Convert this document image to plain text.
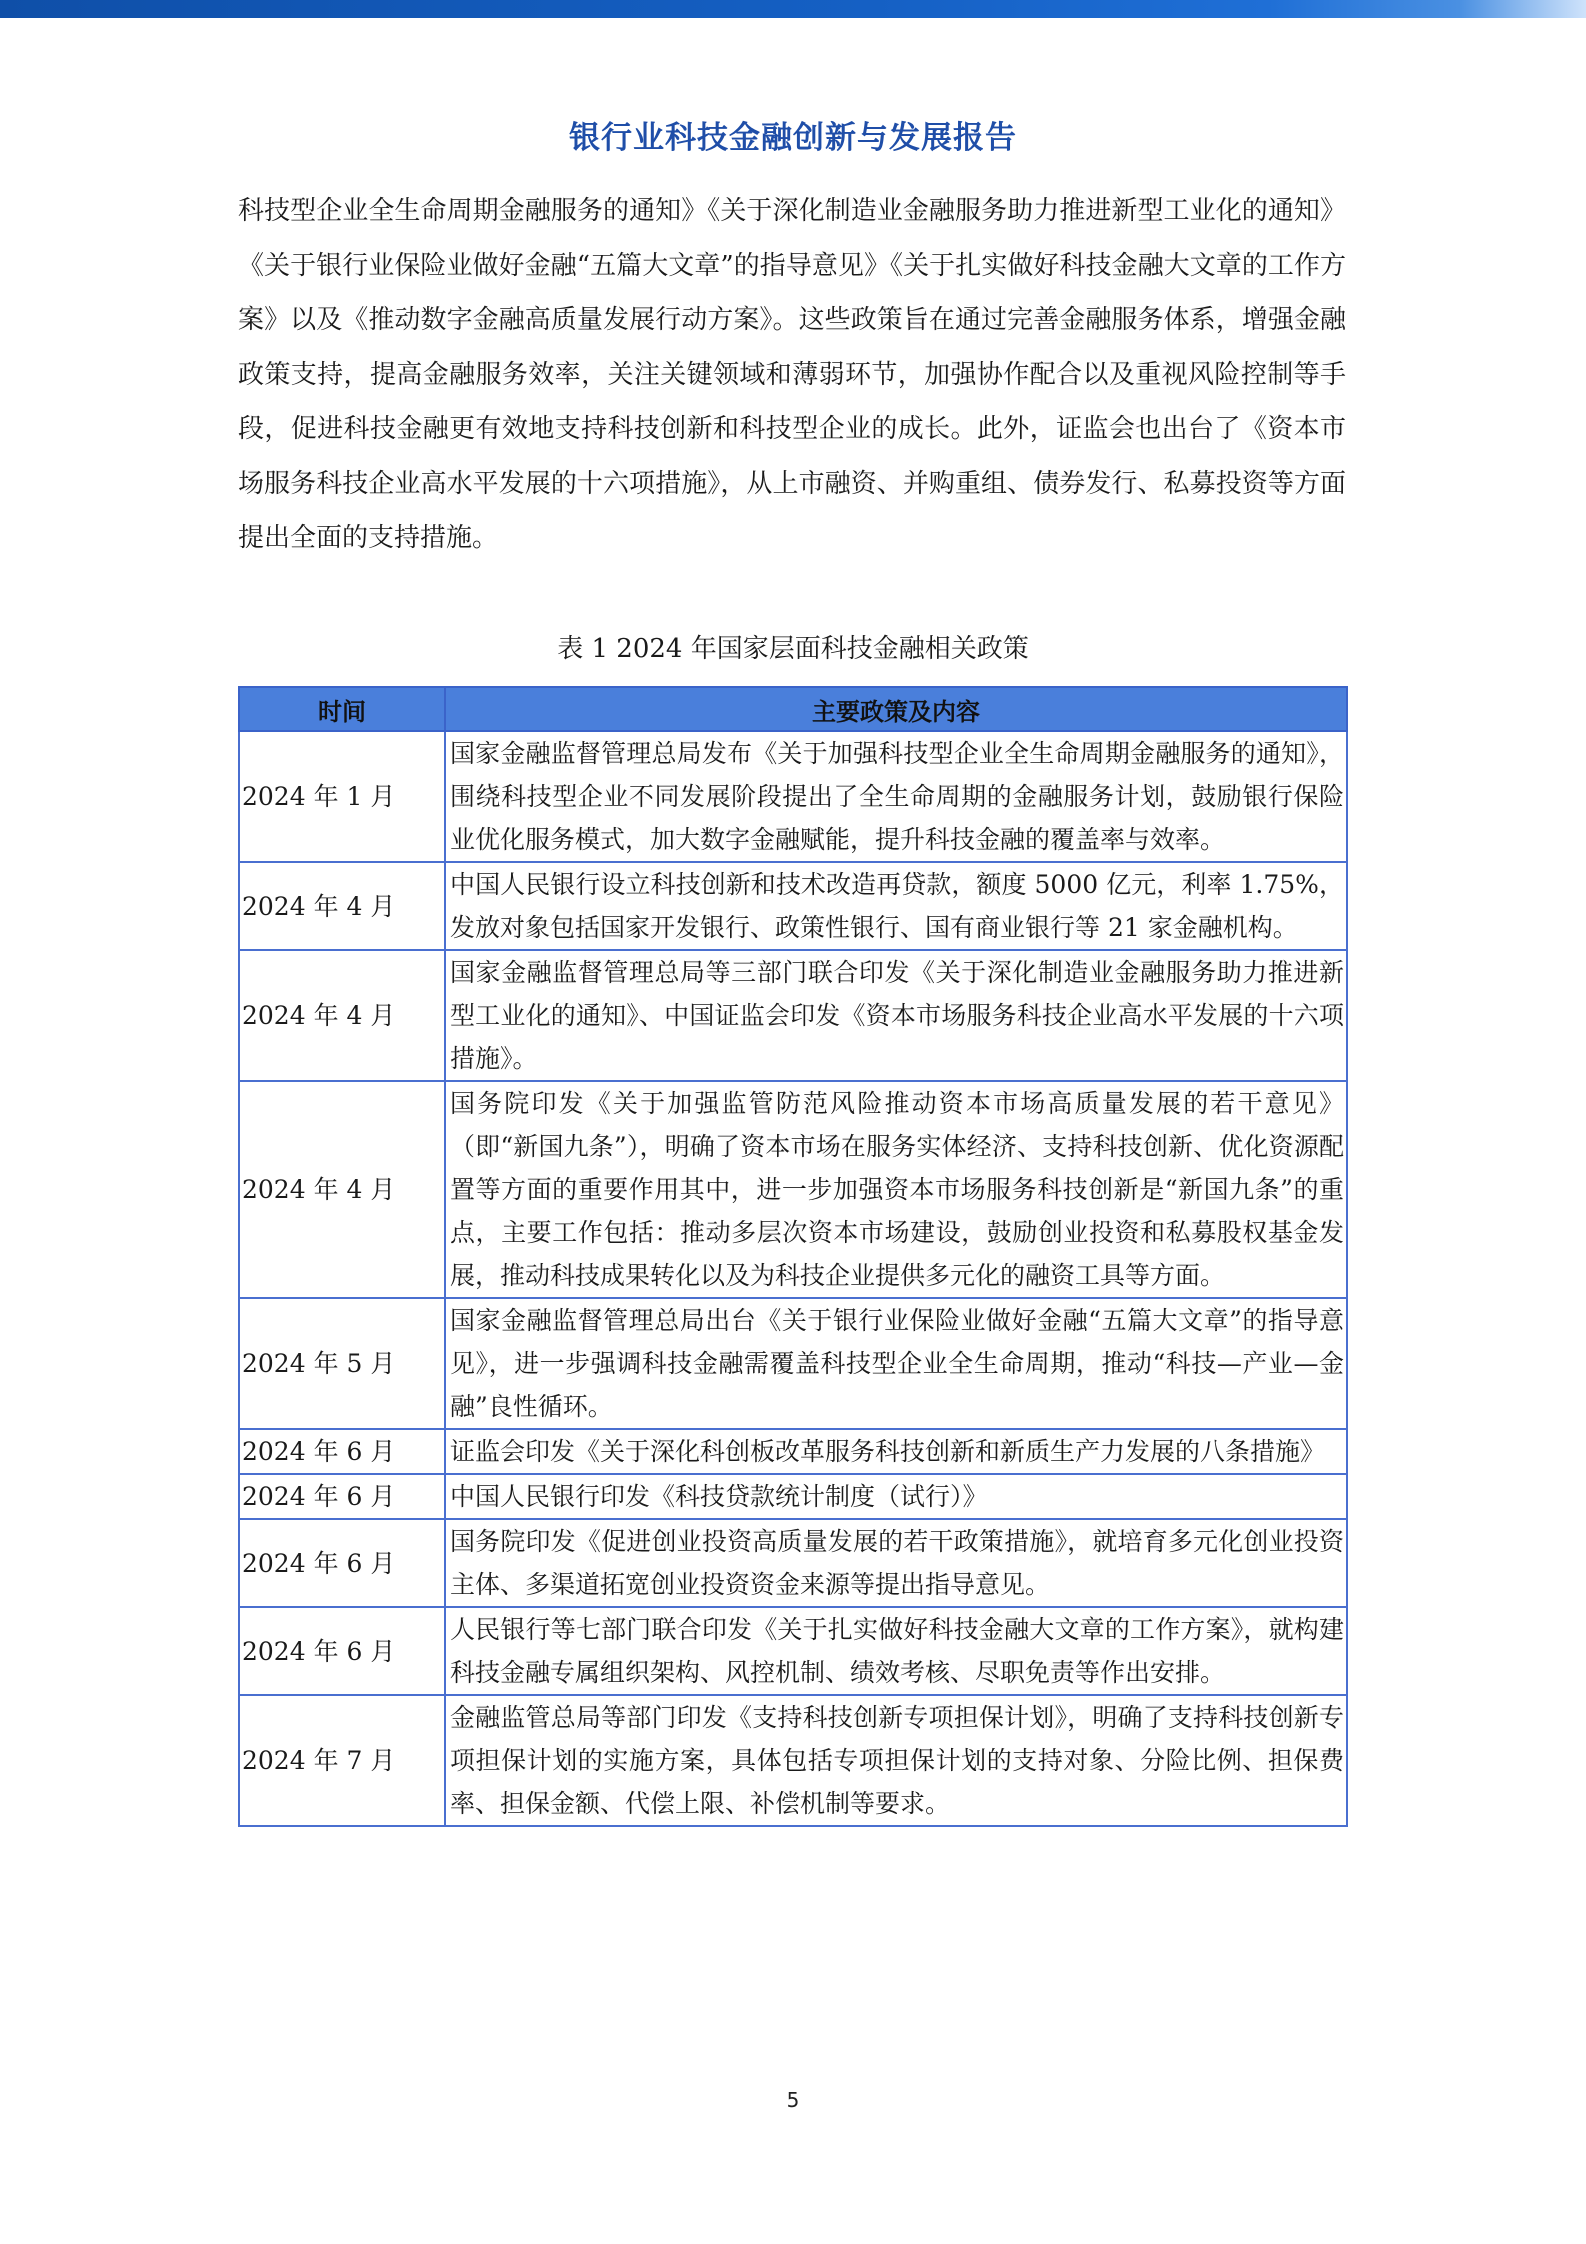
银行业科技金融创新与发展报告

科技型企业全生命周期金融服务的通知》《关于深化制造业金融服务助力推进新型工业化的通知》《关于银行业保险业做好金融“五篇大文章”的指导意见》《关于扎实做好科技金融大文章的工作方案》以及《推动数字金融高质量发展行动方案》。这些政策旨在通过完善金融服务体系，增强金融政策支持，提高金融服务效率，关注关键领域和薄弱环节，加强协作配合以及重视风险控制等手段，促进科技金融更有效地支持科技创新和科技型企业的成长。此外，证监会也出台了《资本市场服务科技企业高水平发展的十六项措施》，从上市融资、并购重组、债券发行、私募投资等方面提出全面的支持措施。

表 1 2024 年国家层面科技金融相关政策
时间	主要政策及内容
2024 年 1 月	国家金融监督管理总局发布《关于加强科技型企业全生命周期金融服务的通知》，围绕科技型企业不同发展阶段提出了全生命周期的金融服务计划，鼓励银行保险业优化服务模式，加大数字金融赋能，提升科技金融的覆盖率与效率。
2024 年 4 月	中国人民银行设立科技创新和技术改造再贷款，额度 5000 亿元，利率 1.75%，发放对象包括国家开发银行、政策性银行、国有商业银行等 21 家金融机构。
2024 年 4 月	国家金融监督管理总局等三部门联合印发《关于深化制造业金融服务助力推进新型工业化的通知》、中国证监会印发《资本市场服务科技企业高水平发展的十六项措施》。
2024 年 4 月	国务院印发《关于加强监管防范风险推动资本市场高质量发展的若干意见》（即“新国九条”），明确了资本市场在服务实体经济、支持科技创新、优化资源配置等方面的重要作用其中，进一步加强资本市场服务科技创新是“新国九条”的重点，主要工作包括：推动多层次资本市场建设，鼓励创业投资和私募股权基金发展，推动科技成果转化以及为科技企业提供多元化的融资工具等方面。
2024 年 5 月	国家金融监督管理总局出台《关于银行业保险业做好金融“五篇大文章”的指导意见》，进一步强调科技金融需覆盖科技型企业全生命周期，推动“科技—产业—金融”良性循环。
2024 年 6 月	证监会印发《关于深化科创板改革服务科技创新和新质生产力发展的八条措施》
2024 年 6 月	中国人民银行印发《科技贷款统计制度（试行）》
2024 年 6 月	国务院印发《促进创业投资高质量发展的若干政策措施》，就培育多元化创业投资主体、多渠道拓宽创业投资资金来源等提出指导意见。
2024 年 6 月	人民银行等七部门联合印发《关于扎实做好科技金融大文章的工作方案》，就构建科技金融专属组织架构、风控机制、绩效考核、尽职免责等作出安排。
2024 年 7 月	金融监管总局等部门印发《支持科技创新专项担保计划》，明确了支持科技创新专项担保计划的实施方案，具体包括专项担保计划的支持对象、分险比例、担保费率、担保金额、代偿上限、补偿机制等要求。
5
